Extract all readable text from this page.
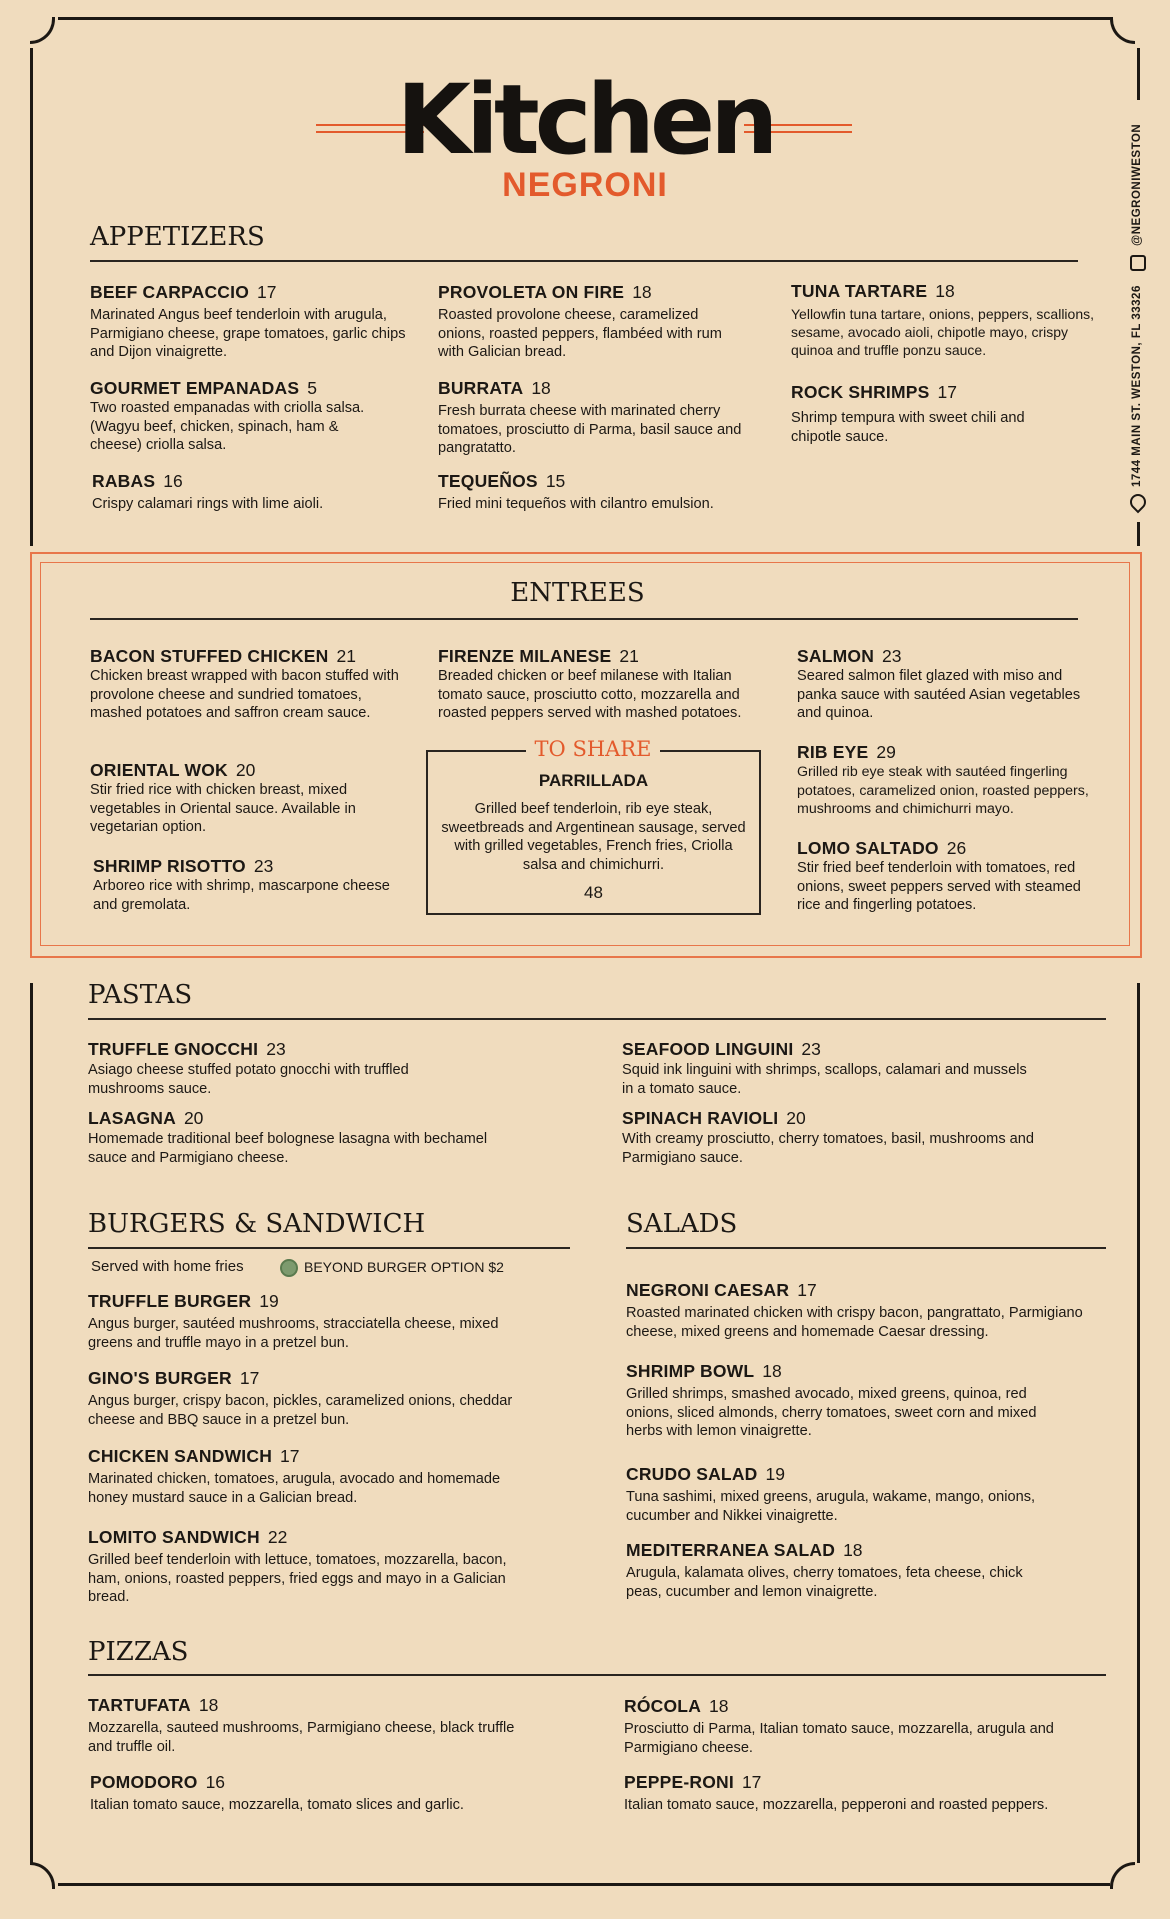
Kitchen
NEGRONI	@NEGRONIWESTON
1744 MAIN ST. WESTON, FL 33326
APPETIZERS
BEEF CARPACCIO 17
Marinated Angus beef tenderloin with arugula, Parmigiano cheese, grape tomatoes, garlic chips and Dijon vinaigrette.
PROVOLETA ON FIRE 18
Roasted provolone cheese, caramelized onions, roasted peppers, flambéed with rum with Galician bread.
TUNA TARTARE 18
Yellowfin tuna tartare, onions, peppers, scallions, sesame, avocado aioli, chipotle mayo, crispy quinoa and truffle ponzu sauce.
GOURMET EMPANADAS 5
Two roasted empanadas with criolla salsa. (Wagyu beef, chicken, spinach, ham & cheese) criolla salsa.
BURRATA 18
Fresh burrata cheese with marinated cherry tomatoes, prosciutto di Parma, basil sauce and pangratatto.
ROCK SHRIMPS 17
Shrimp tempura with sweet chili and chipotle sauce.
RABAS 16
Crispy calamari rings with lime aioli.
TEQUEÑOS 15
Fried mini tequeños with cilantro emulsion.
ENTREES
BACON STUFFED CHICKEN 21
Chicken breast wrapped with bacon stuffed with provolone cheese and sundried tomatoes, mashed potatoes and saffron cream sauce.
FIRENZE MILANESE 21
Breaded chicken or beef milanese with Italian tomato sauce, prosciutto cotto, mozzarella and roasted peppers served with mashed potatoes.
SALMON 23
Seared salmon filet glazed with miso and panka sauce with sautéed Asian vegetables and quinoa.
ORIENTAL WOK 20
Stir fried rice with chicken breast, mixed vegetables in Oriental sauce. Available in vegetarian option.
RIB EYE 29
Grilled rib eye steak with sautéed fingerling potatoes, caramelized onion, roasted peppers, mushrooms and chimichurri mayo.
SHRIMP RISOTTO 23
Arboreo rice with shrimp, mascarpone cheese and gremolata.
LOMO SALTADO 26
Stir fried beef tenderloin with tomatoes, red onions, sweet peppers served with steamed rice and fingerling potatoes.
TO SHARE
PARRILLADA
Grilled beef tenderloin, rib eye steak, sweetbreads and Argentinean sausage, served with grilled vegetables, French fries, Criolla salsa and chimichurri.
48
PASTAS
TRUFFLE GNOCCHI 23
Asiago cheese stuffed potato gnocchi with truffled mushrooms sauce.
SEAFOOD LINGUINI 23
Squid ink linguini with shrimps, scallops, calamari and mussels in a tomato sauce.
LASAGNA 20
Homemade traditional beef bolognese lasagna with bechamel sauce and Parmigiano cheese.
SPINACH RAVIOLI 20
With creamy prosciutto, cherry tomatoes, basil, mushrooms and Parmigiano sauce.
BURGERS & SANDWICH
Served with home fries	BEYOND BURGER OPTION $2
TRUFFLE BURGER 19
Angus burger, sautéed mushrooms, stracciatella cheese, mixed greens and truffle mayo in a pretzel bun.
GINO'S BURGER 17
Angus burger, crispy bacon, pickles, caramelized onions, cheddar cheese and BBQ sauce in a pretzel bun.
CHICKEN SANDWICH 17
Marinated chicken, tomatoes, arugula, avocado and homemade honey mustard sauce in a Galician bread.
LOMITO SANDWICH 22
Grilled beef tenderloin with lettuce, tomatoes, mozzarella, bacon, ham, onions, roasted peppers, fried eggs and mayo in a Galician bread.
SALADS
NEGRONI CAESAR 17
Roasted marinated chicken with crispy bacon, pangrattato, Parmigiano cheese, mixed greens and homemade Caesar dressing.
SHRIMP BOWL 18
Grilled shrimps, smashed avocado, mixed greens, quinoa, red onions, sliced almonds, cherry tomatoes, sweet corn and mixed herbs with lemon vinaigrette.
CRUDO SALAD 19
Tuna sashimi, mixed greens, arugula, wakame, mango, onions, cucumber and Nikkei vinaigrette.
MEDITERRANEA SALAD 18
Arugula, kalamata olives, cherry tomatoes, feta cheese, chick peas, cucumber and lemon vinaigrette.
PIZZAS
TARTUFATA 18
Mozzarella, sauteed mushrooms, Parmigiano cheese, black truffle and truffle oil.
RÓCOLA 18
Prosciutto di Parma, Italian tomato sauce, mozzarella, arugula and Parmigiano cheese.
POMODORO 16
Italian tomato sauce, mozzarella, tomato slices and garlic.
PEPPE-RONI 17
Italian tomato sauce, mozzarella, pepperoni and roasted peppers.
